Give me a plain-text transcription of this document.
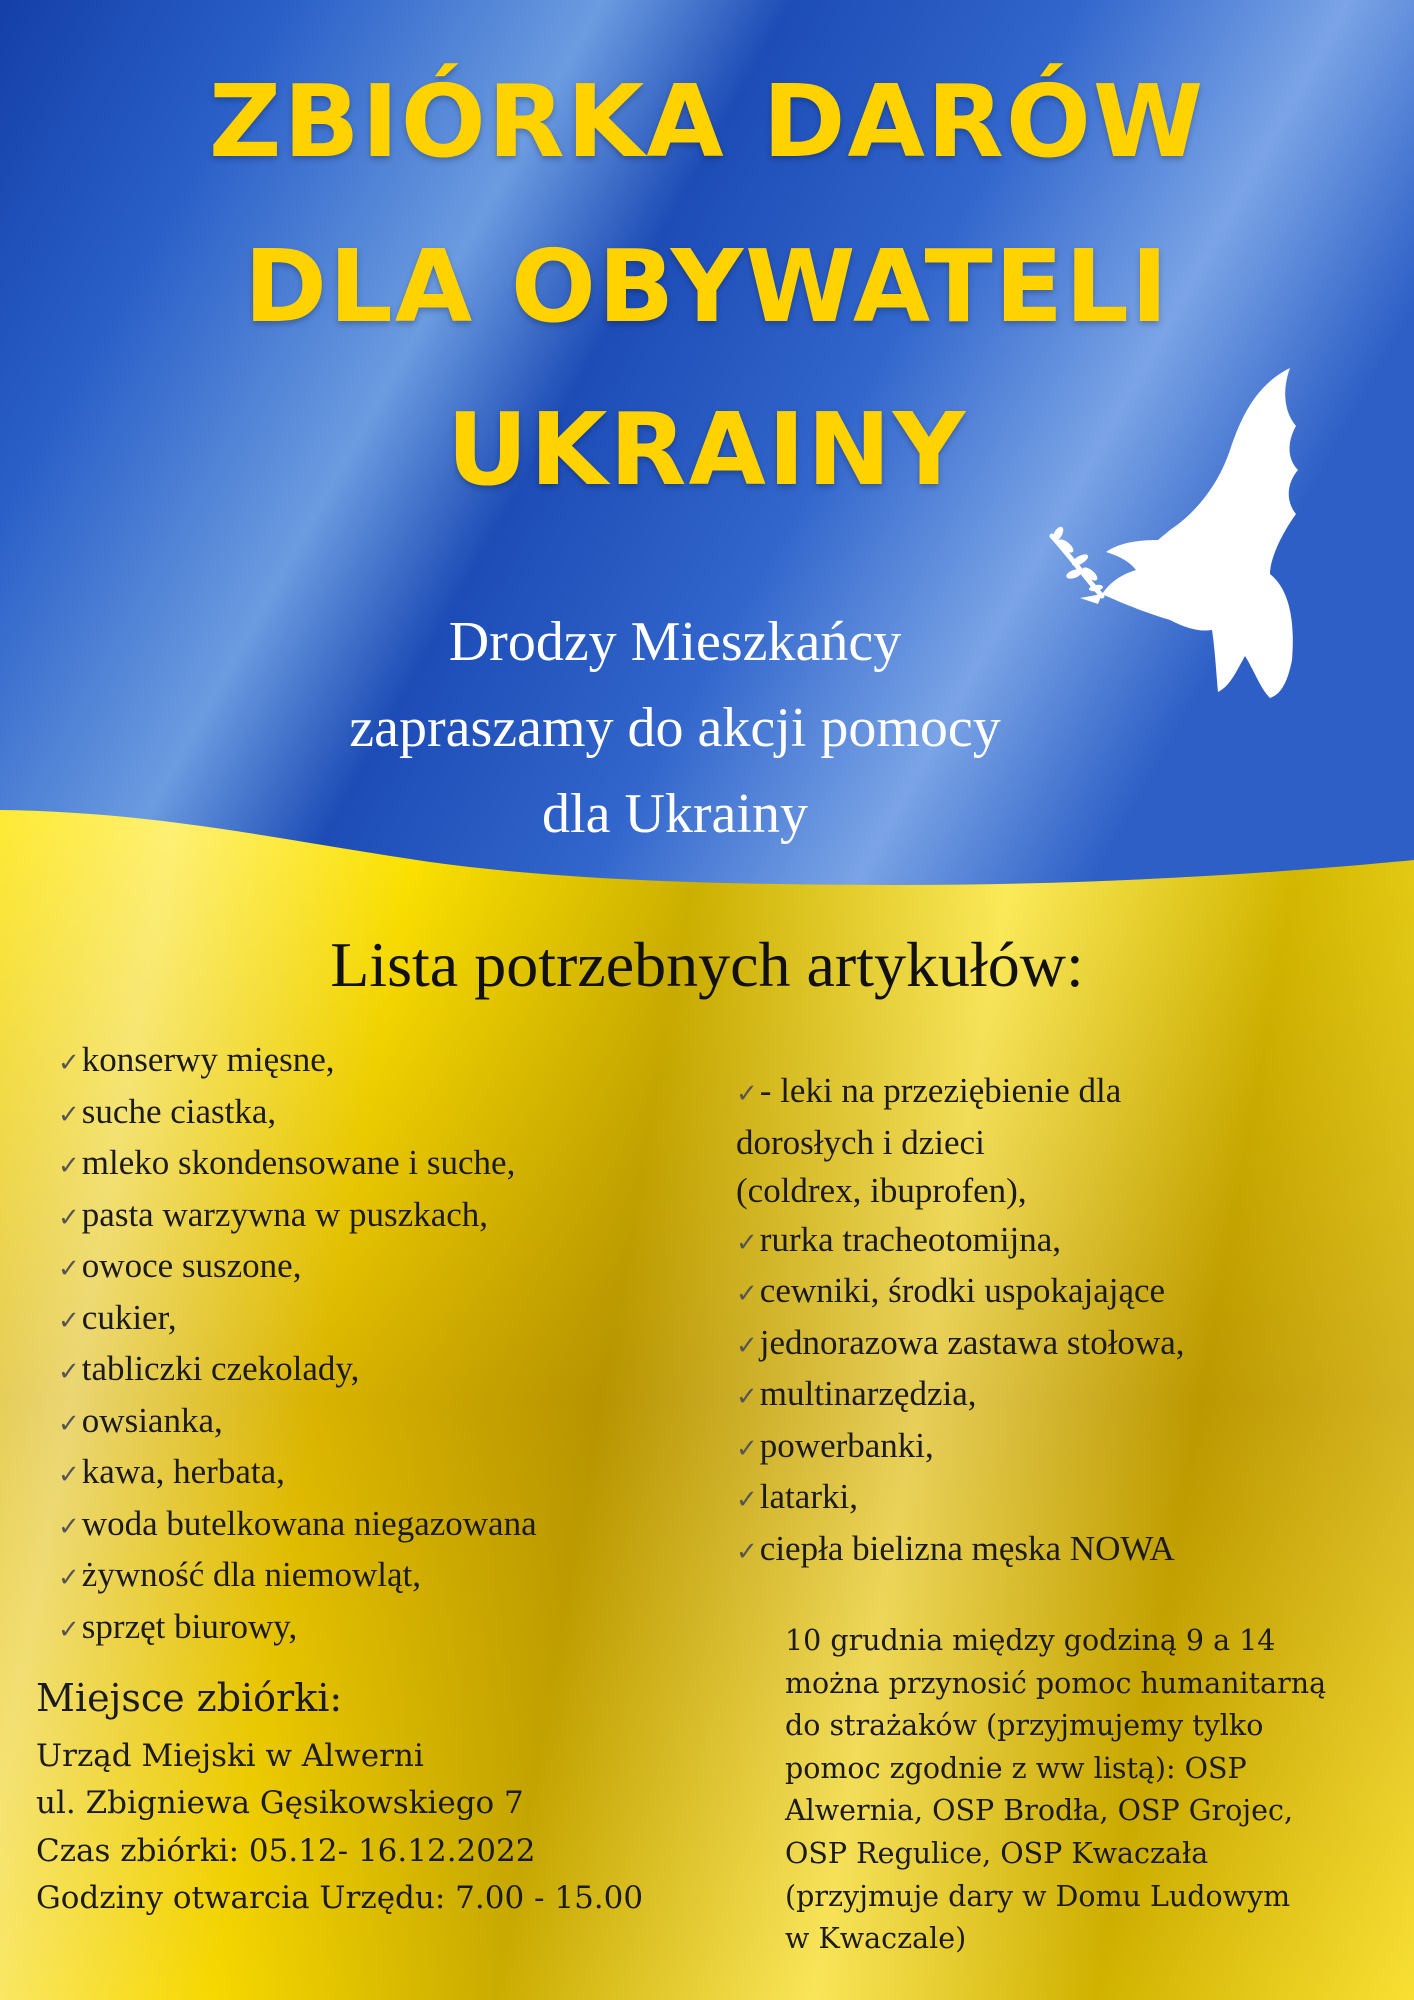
ZBIÓRKA DARÓW
DLA OBYWATELI
UKRAINY
Drodzy Mieszkańcy
zapraszamy do akcji pomocy
dla Ukrainy
Lista potrzebnych artykułów:
✓konserwy mięsne,
✓suche ciastka,
✓mleko skondensowane i suche,
✓pasta warzywna w puszkach,
✓owoce suszone,
✓cukier,
✓tabliczki czekolady,
✓owsianka,
✓kawa, herbata,
✓woda butelkowana niegazowana
✓żywność dla niemowląt,
✓sprzęt biurowy,
✓- leki na przeziębienie dla
dorosłych i dzieci
(coldrex, ibuprofen),
✓rurka tracheotomijna,
✓cewniki, środki uspokajające
✓jednorazowa zastawa stołowa,
✓multinarzędzia,
✓powerbanki,
✓latarki,
✓ciepła bielizna męska NOWA
Miejsce zbiórki:
Urząd Miejski w Alwerni
ul. Zbigniewa Gęsikowskiego 7
Czas zbiórki: 05.12- 16.12.2022
Godziny otwarcia Urzędu: 7.00 - 15.00
10 grudnia między godziną 9 a 14
można przynosić pomoc humanitarną
do strażaków (przyjmujemy tylko
pomoc zgodnie z ww listą): OSP
Alwernia, OSP Brodła, OSP Grojec,
OSP Regulice, OSP Kwaczała
(przyjmuje dary w Domu Ludowym
w Kwaczale)
